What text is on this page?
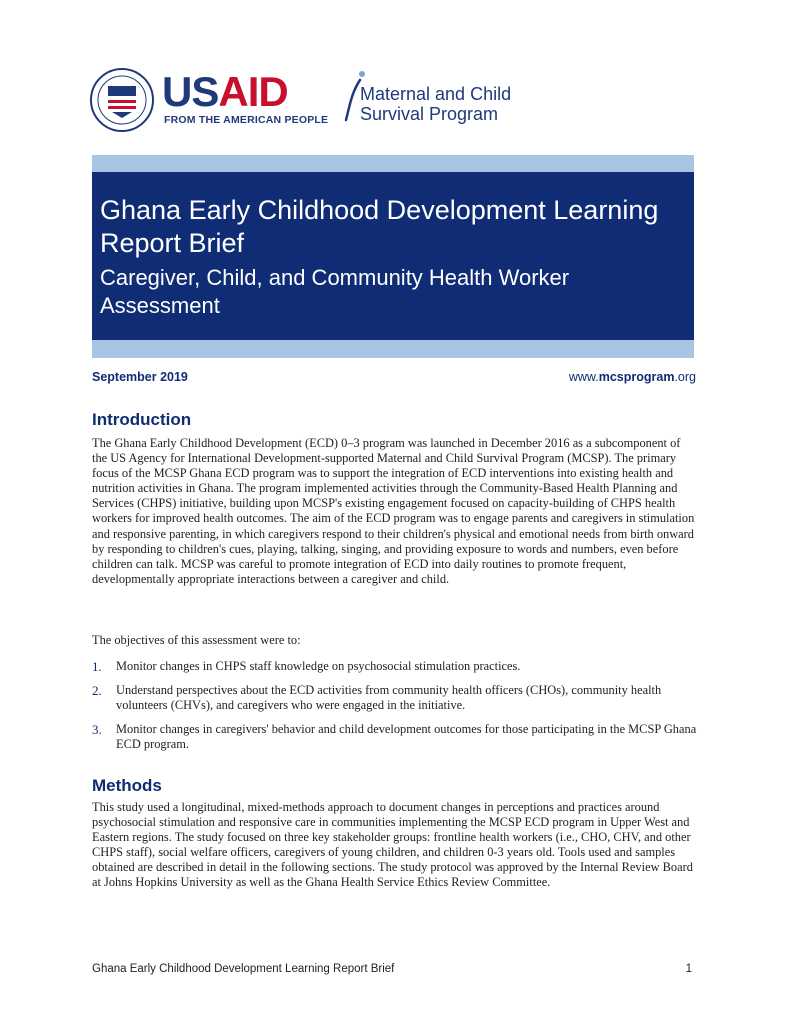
USAID
FROM THE AMERICAN PEOPLE
Maternal and Child
Survival Program
Ghana Early Childhood Development Learning Report Brief
Caregiver, Child, and Community Health Worker Assessment
September 2019	www.mcsprogram.org
Introduction
The Ghana Early Childhood Development (ECD) 0–3 program was launched in December 2016 as a subcomponent of the US Agency for International Development-supported Maternal and Child Survival Program (MCSP). The primary focus of the MCSP Ghana ECD program was to support the integration of ECD interventions into existing health and nutrition activities in Ghana. The program implemented activities through the Community-Based Health Planning and Services (CHPS) initiative, building upon MCSP's existing engagement focused on capacity-building of CHPS health workers for improved health outcomes. The aim of the ECD program was to engage parents and caregivers in stimulation and responsive parenting, in which caregivers respond to their children's physical and emotional needs from birth onward by responding to children's cues, playing, talking, singing, and providing exposure to words and numbers, even before children can talk. MCSP was careful to promote integration of ECD into daily routines to promote frequent, developmentally appropriate interactions between a caregiver and child.
The objectives of this assessment were to:
1. Monitor changes in CHPS staff knowledge on psychosocial stimulation practices.
2. Understand perspectives about the ECD activities from community health officers (CHOs), community health volunteers (CHVs), and caregivers who were engaged in the initiative.
3. Monitor changes in caregivers' behavior and child development outcomes for those participating in the MCSP Ghana ECD program.
Methods
This study used a longitudinal, mixed-methods approach to document changes in perceptions and practices around psychosocial stimulation and responsive care in communities implementing the MCSP ECD program in Upper West and Eastern regions. The study focused on three key stakeholder groups: frontline health workers (i.e., CHO, CHV, and other CHPS staff), social welfare officers, caregivers of young children, and children 0-3 years old. Tools used and samples obtained are described in detail in the following sections. The study protocol was approved by the Internal Review Board at Johns Hopkins University as well as the Ghana Health Service Ethics Review Committee.
Ghana Early Childhood Development Learning Report Brief	1
